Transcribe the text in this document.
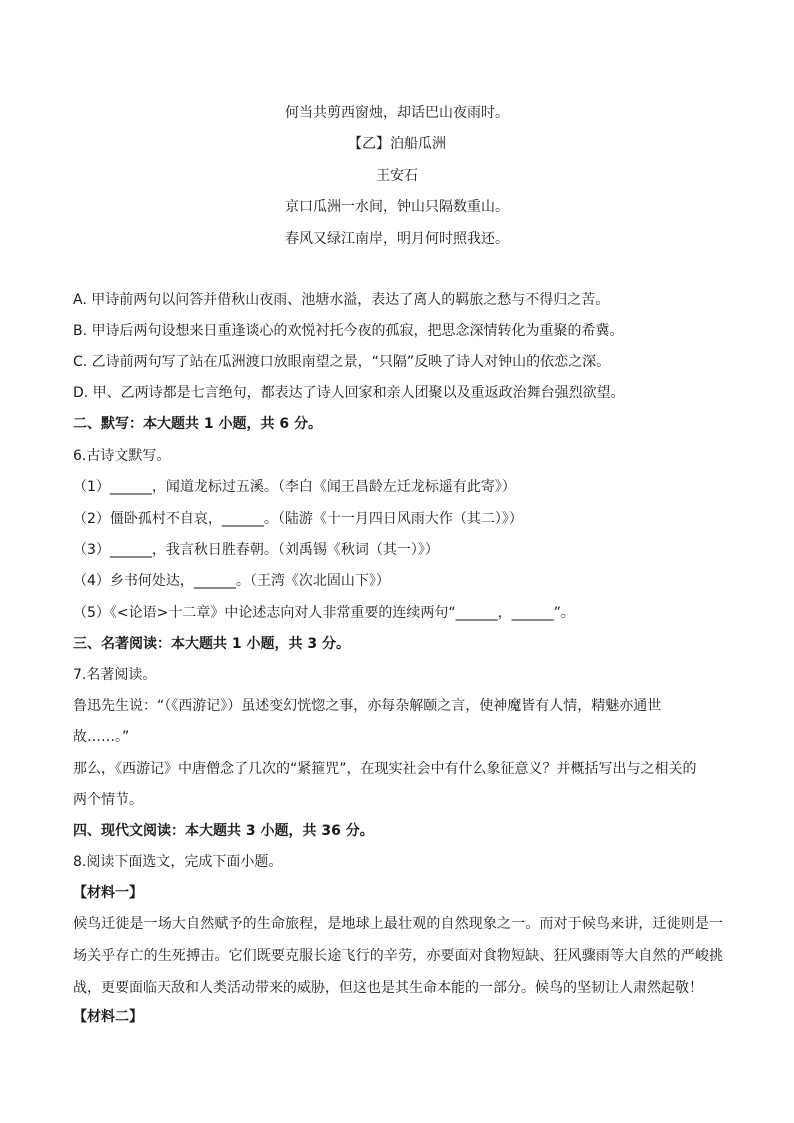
何当共剪西窗烛，却话巴山夜雨时。
【乙】泊船瓜洲
王安石
京口瓜洲一水间，钟山只隔数重山。
春风又绿江南岸，明月何时照我还。
A. 甲诗前两句以问答并借秋山夜雨、池塘水溢，表达了离人的羁旅之愁与不得归之苦。
B. 甲诗后两句设想来日重逢谈心的欢悦衬托今夜的孤寂，把思念深情转化为重聚的希冀。
C. 乙诗前两句写了站在瓜洲渡口放眼南望之景，“只隔”反映了诗人对钟山的依恋之深。
D. 甲、乙两诗都是七言绝句，都表达了诗人回家和亲人团聚以及重返政治舞台强烈欲望。
二、默写：本大题共 1 小题，共 6 分。
6.古诗文默写。
（1）______，闻道龙标过五溪。（李白《闻王昌龄左迁龙标遥有此寄》）
（2）僵卧孤村不自哀，______。（陆游《十一月四日风雨大作（其二）》）
（3）______，我言秋日胜春朝。（刘禹锡《秋词（其一）》）
（4）乡书何处达，______。（王湾《次北固山下》）
（5）《<论语>十二章》中论述志向对人非常重要的连续两句“______，______”。
三、名著阅读：本大题共 1 小题，共 3 分。
7.名著阅读。
鲁迅先生说：“（《西游记》）虽述变幻恍惚之事，亦每杂解颐之言，使神魔皆有人情，精魅亦通世
故……。”
那么，《西游记》中唐僧念了几次的“紧箍咒”，在现实社会中有什么象征意义？并概括写出与之相关的
两个情节。
四、现代文阅读：本大题共 3 小题，共 36 分。
8.阅读下面选文，完成下面小题。
【材料一】
候鸟迁徙是一场大自然赋予的生命旅程，是地球上最壮观的自然现象之一。而对于候鸟来讲，迁徙则是一场关乎存亡的生死搏击。它们既要克服长途飞行的辛劳，亦要面对食物短缺、狂风骤雨等大自然的严峻挑战，更要面临天敌和人类活动带来的威胁，但这也是其生命本能的一部分。候鸟的坚韧让人肃然起敬！
【材料二】
